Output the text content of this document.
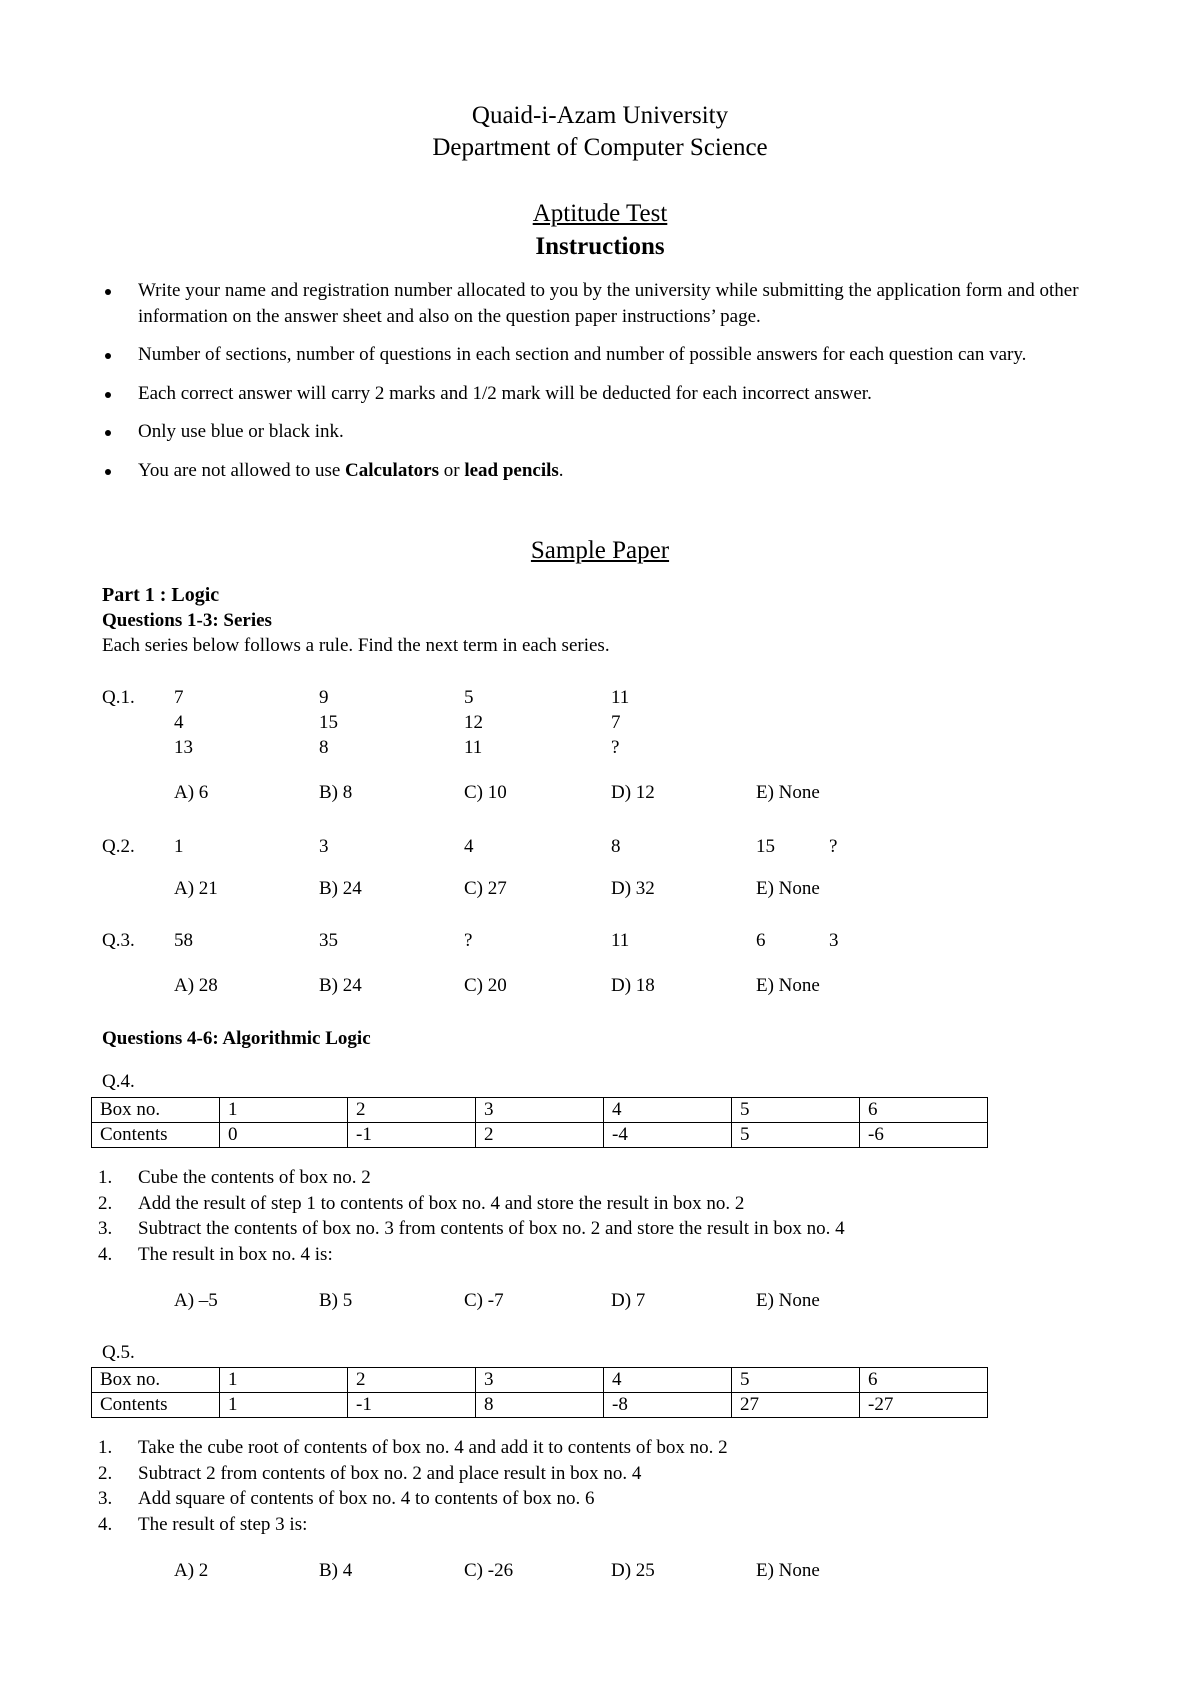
Quaid-i-Azam University
Department of Computer Science
Aptitude Test
Instructions
Write your name and registration number allocated to you by the university while submitting the application form and other information on the answer sheet and also on the question paper instructions’ page.
Number of sections, number of questions in each section and number of possible answers for each question can vary.
Each correct answer will carry 2 marks and 1/2 mark will be deducted for each incorrect answer.
Only use blue or black ink.
You are not allowed to use Calculators or lead pencils.
Sample Paper
Part 1 : Logic
Questions 1-3: Series
Each series below follows a rule. Find the next term in each series.
Q.1. 7	9	5	11
4	15	12	7
13	8	11	?
A) 6	B) 8	C) 10	D) 12	E) None
Q.2. 1	3	4	8	15	?
A) 21	B) 24	C) 27	D) 32	E) None
Q.3. 58	35	?	11	6	3
A) 28	B) 24	C) 20	D) 18	E) None
Questions 4-6: Algorithmic Logic
Q.4.
Box no.	1	2	3	4	5	6
Contents	0	-1	2	-4	5	-6
1. Cube the contents of box no. 2
2. Add the result of step 1 to contents of box no. 4 and store the result in box no. 2
3. Subtract the contents of box no. 3 from contents of box no. 2 and store the result in box no. 4
4. The result in box no. 4 is:
A) –5	B) 5	C) -7	D) 7	E) None
Q.5.
Box no.	1	2	3	4	5	6
Contents	1	-1	8	-8	27	-27
1. Take the cube root of contents of box no. 4 and add it to contents of box no. 2
2. Subtract 2 from contents of box no. 2 and place result in box no. 4
3. Add square of contents of box no. 4 to contents of box no. 6
4. The result of step 3 is:
A) 2	B) 4	C) -26	D) 25	E) None
